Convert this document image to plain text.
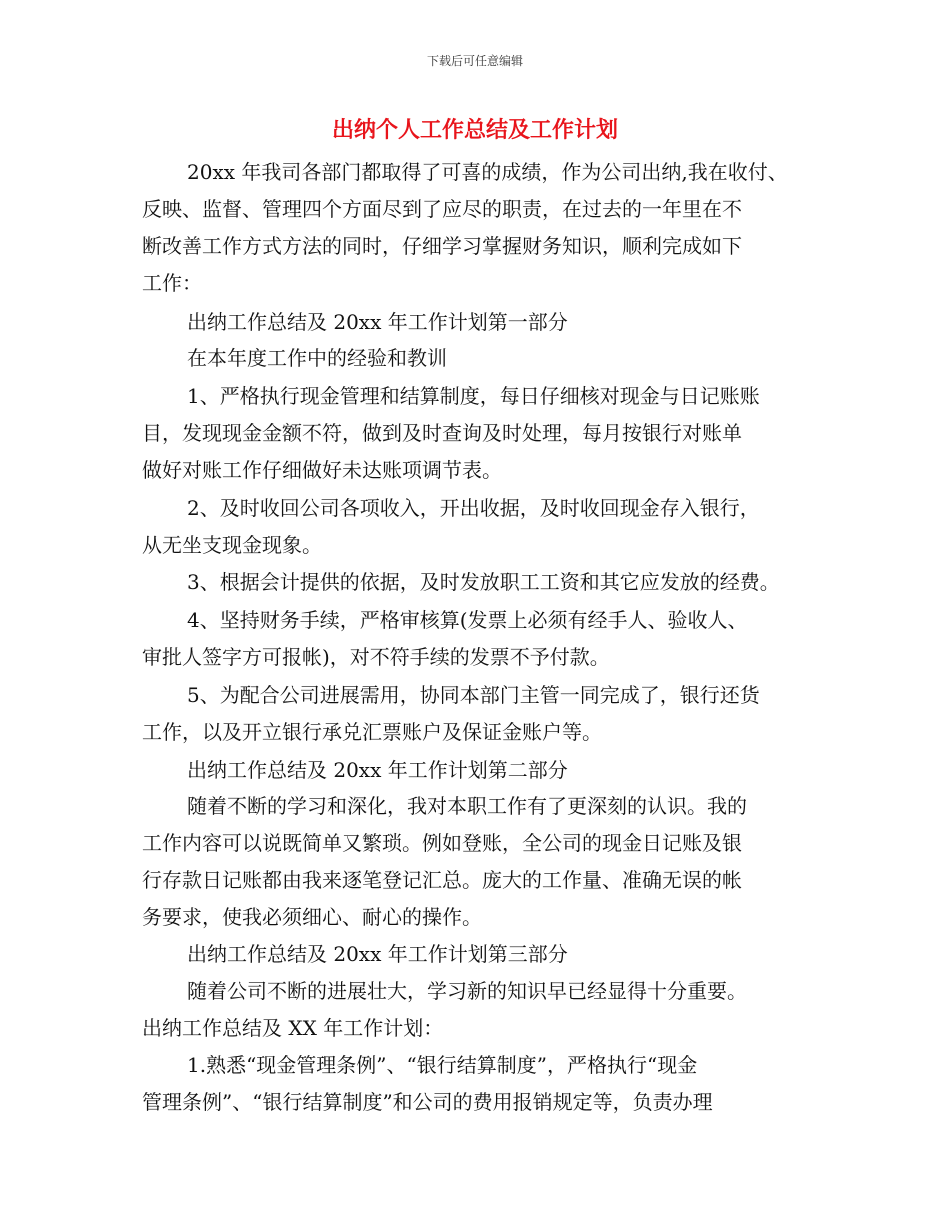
下载后可任意编辑
出纳个人工作总结及工作计划
20xx 年我司各部门都取得了可喜的成绩，作为公司出纳,我在收付、
反映、监督、管理四个方面尽到了应尽的职责，在过去的一年里在不
断改善工作方式方法的同时，仔细学习掌握财务知识，顺利完成如下
工作：
出纳工作总结及 20xx 年工作计划第一部分
在本年度工作中的经验和教训
1、严格执行现金管理和结算制度，每日仔细核对现金与日记账账
目，发现现金金额不符，做到及时查询及时处理，每月按银行对账单
做好对账工作仔细做好未达账项调节表。
2、及时收回公司各项收入，开出收据，及时收回现金存入银行，
从无坐支现金现象。
3、根据会计提供的依据，及时发放职工工资和其它应发放的经费。
4、坚持财务手续，严格审核算(发票上必须有经手人、验收人、
审批人签字方可报帐)，对不符手续的发票不予付款。
5、为配合公司进展需用，协同本部门主管一同完成了，银行还货
工作，以及开立银行承兑汇票账户及保证金账户等。
出纳工作总结及 20xx 年工作计划第二部分
随着不断的学习和深化，我对本职工作有了更深刻的认识。我的
工作内容可以说既简单又繁琐。例如登账，全公司的现金日记账及银
行存款日记账都由我来逐笔登记汇总。庞大的工作量、准确无误的帐
务要求，使我必须细心、耐心的操作。
出纳工作总结及 20xx 年工作计划第三部分
随着公司不断的进展壮大，学习新的知识早已经显得十分重要。
出纳工作总结及 XX 年工作计划：
1.熟悉“现金管理条例”、“银行结算制度”，严格执行“现金
管理条例”、“银行结算制度”和公司的费用报销规定等，负责办理
